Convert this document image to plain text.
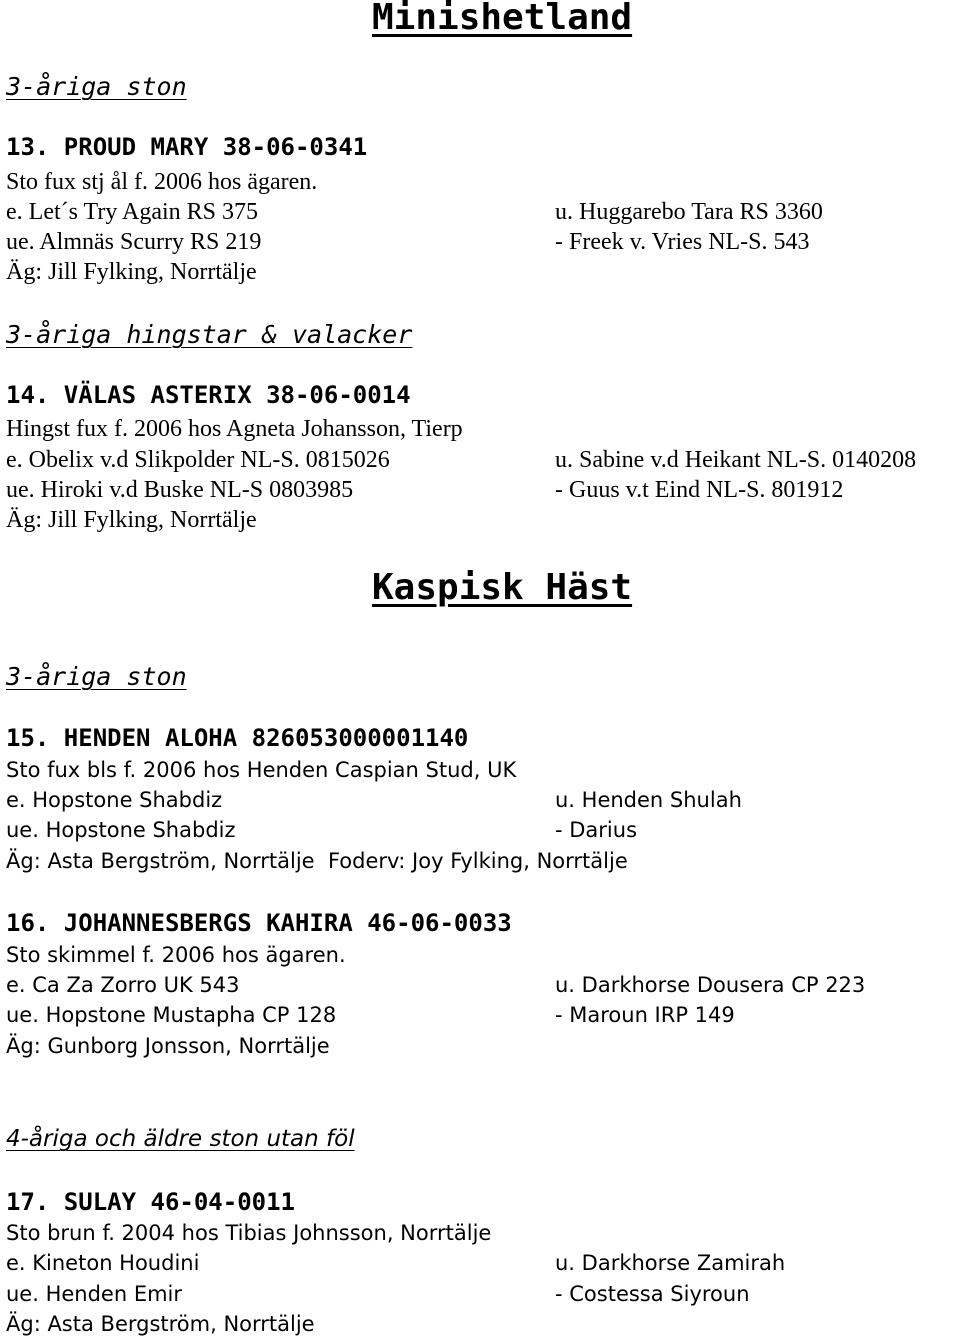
Minishetland
3-åriga ston
13. PROUD MARY 38-06-0341
Sto fux stj ål f. 2006 hos ägaren.
e. Let´s Try Again RS 375	u. Huggarebo Tara RS 3360
ue. Almnäs Scurry RS 219	- Freek v. Vries NL-S. 543
Äg: Jill Fylking, Norrtälje
3-åriga hingstar & valacker
14. VÄLAS ASTERIX 38-06-0014
Hingst fux f. 2006 hos Agneta Johansson, Tierp
e. Obelix v.d Slikpolder NL-S. 0815026	u. Sabine v.d Heikant NL-S. 0140208
ue. Hiroki v.d Buske NL-S 0803985	- Guus v.t Eind NL-S. 801912
Äg: Jill Fylking, Norrtälje
Kaspisk Häst
3-åriga ston
15. HENDEN ALOHA 826053000001140
Sto fux bls f. 2006 hos Henden Caspian Stud, UK
e. Hopstone Shabdiz	u. Henden Shulah
ue. Hopstone Shabdiz	- Darius
Äg: Asta Bergström, Norrtälje  Foderv: Joy Fylking, Norrtälje
16. JOHANNESBERGS KAHIRA 46-06-0033
Sto skimmel f. 2006 hos ägaren.
e. Ca Za Zorro UK 543	u. Darkhorse Dousera CP 223
ue. Hopstone Mustapha CP 128	- Maroun IRP 149
Äg: Gunborg Jonsson, Norrtälje
4-åriga och äldre ston utan föl
17. SULAY 46-04-0011
Sto brun f. 2004 hos Tibias Johnsson, Norrtälje
e. Kineton Houdini	u. Darkhorse Zamirah
ue. Henden Emir	- Costessa Siyroun
Äg: Asta Bergström, Norrtälje
